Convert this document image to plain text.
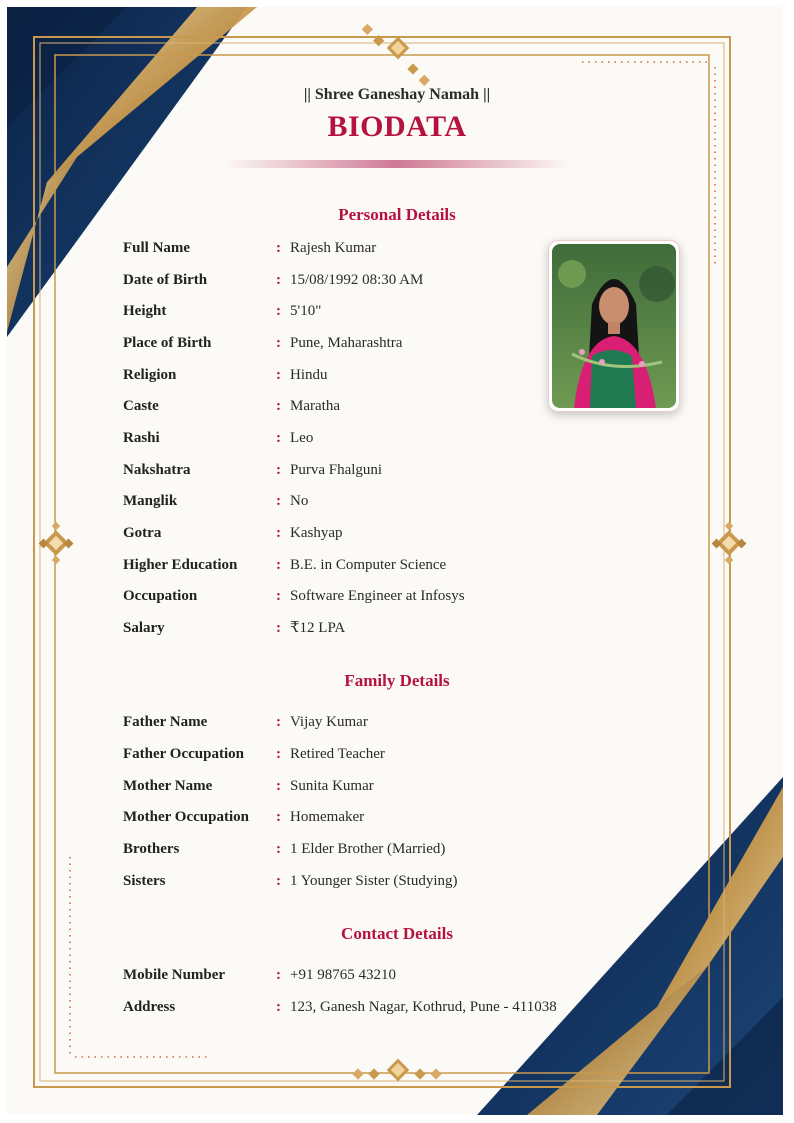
|| Shree Ganeshay Namah ||
BIODATA
Personal Details
Full Name	: Rajesh Kumar
Date of Birth	: 15/08/1992 08:30 AM
Height	: 5'10"
Place of Birth	: Pune, Maharashtra
Religion	: Hindu
Caste	: Maratha
Rashi	: Leo
Nakshatra	: Purva Fhalguni
Manglik	: No
Gotra	: Kashyap
Higher Education	: B.E. in Computer Science
Occupation	: Software Engineer at Infosys
Salary	: ₹12 LPA
Family Details
Father Name	: Vijay Kumar
Father Occupation : Retired Teacher
Mother Name	: Sunita Kumar
Mother Occupation : Homemaker
Brothers	: 1 Elder Brother (Married)
Sisters	: 1 Younger Sister (Studying)
Contact Details
Mobile Number	: +91 98765 43210
Address	: 123, Ganesh Nagar, Kothrud, Pune - 411038
